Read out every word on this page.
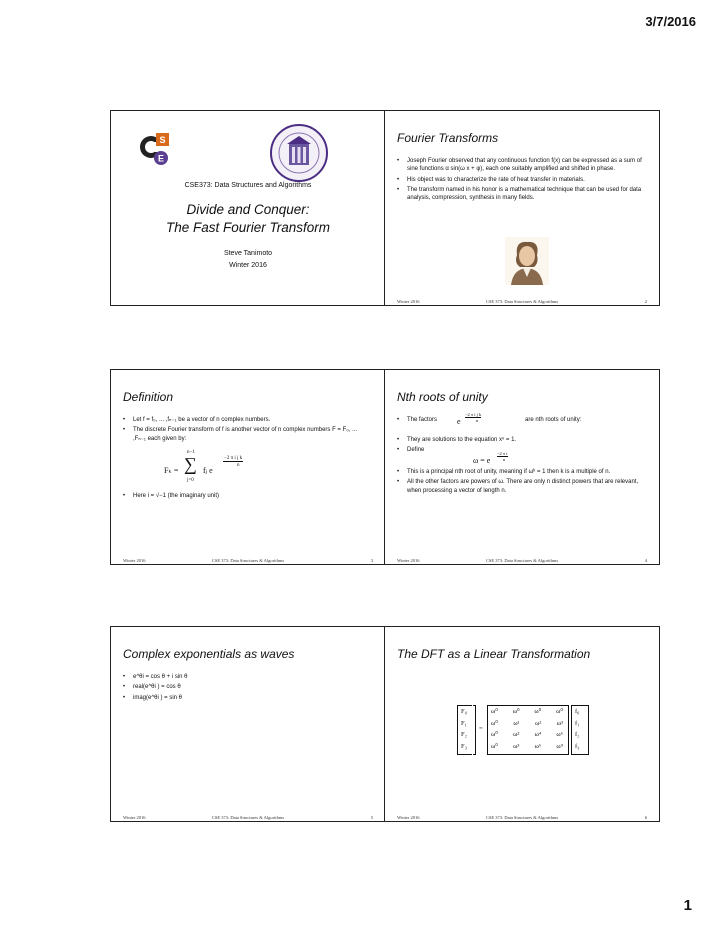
3/7/2016
S
E
CSE373: Data Structures and Algorithms
Divide and Conquer:
The Fast Fourier Transform
Steve Tanimoto
Winter 2016
Fourier Transforms
• Joseph Fourier observed that any continuous function f(x) can be expressed as a sum of sine functions α sin(ω x + φ), each one suitably amplified and shifted in phase.
• His object was to characterize the rate of heat transfer in materials.
• The transform named in his honor is a mathematical technique that can be used for data analysis, compression, synthesis in many fields.
Winter 2016	CSE 373: Data Structures & Algorithms	2
Definition
• Let f = f₀, ... ,fₙ₋₁ be a vector of n complex numbers.
• The discrete Fourier transform of f is another vector of n complex numbers F = F₀, ... ,Fₙ₋₁ each given by:
Fₖ =
n−1
∑
j=0
fⱼ e
−2 π i j k
n
• Here i = √−1 (the imaginary unit)
Winter 2016	CSE 373: Data Structures & Algorithms	3
Nth roots of unity
• The factors e
−2 π i j k
n	are nth roots of unity:
• They are solutions to the equation xⁿ = 1.
• Define
ω = e
−2 π i
n
• This is a principal nth root of unity, meaning if ωᵏ = 1 then k is a multiple of n.
• All the other factors are powers of ω. There are only n distinct powers that are relevant, when processing a vector of length n.
Winter 2016	CSE 373: Data Structures & Algorithms	4
Complex exponentials as waves
• e^θi = cos θ + i sin θ
• real(e^θi ) = cos θ
• imag(e^θi ) = sin θ
Winter 2016	CSE 373: Data Structures & Algorithms	5
The DFT as a Linear Transformation
F₀
F₁
F₂
F₃
=
ω⁰ ω⁰ ω⁰ ω⁰
ω⁰ ω¹ ω² ω³
ω⁰ ω² ω⁴ ω⁶
ω⁰ ω³ ω⁶ ω⁹
f₀
f₁
f₂
f₃
Winter 2016	CSE 373: Data Structures & Algorithms	6
1
